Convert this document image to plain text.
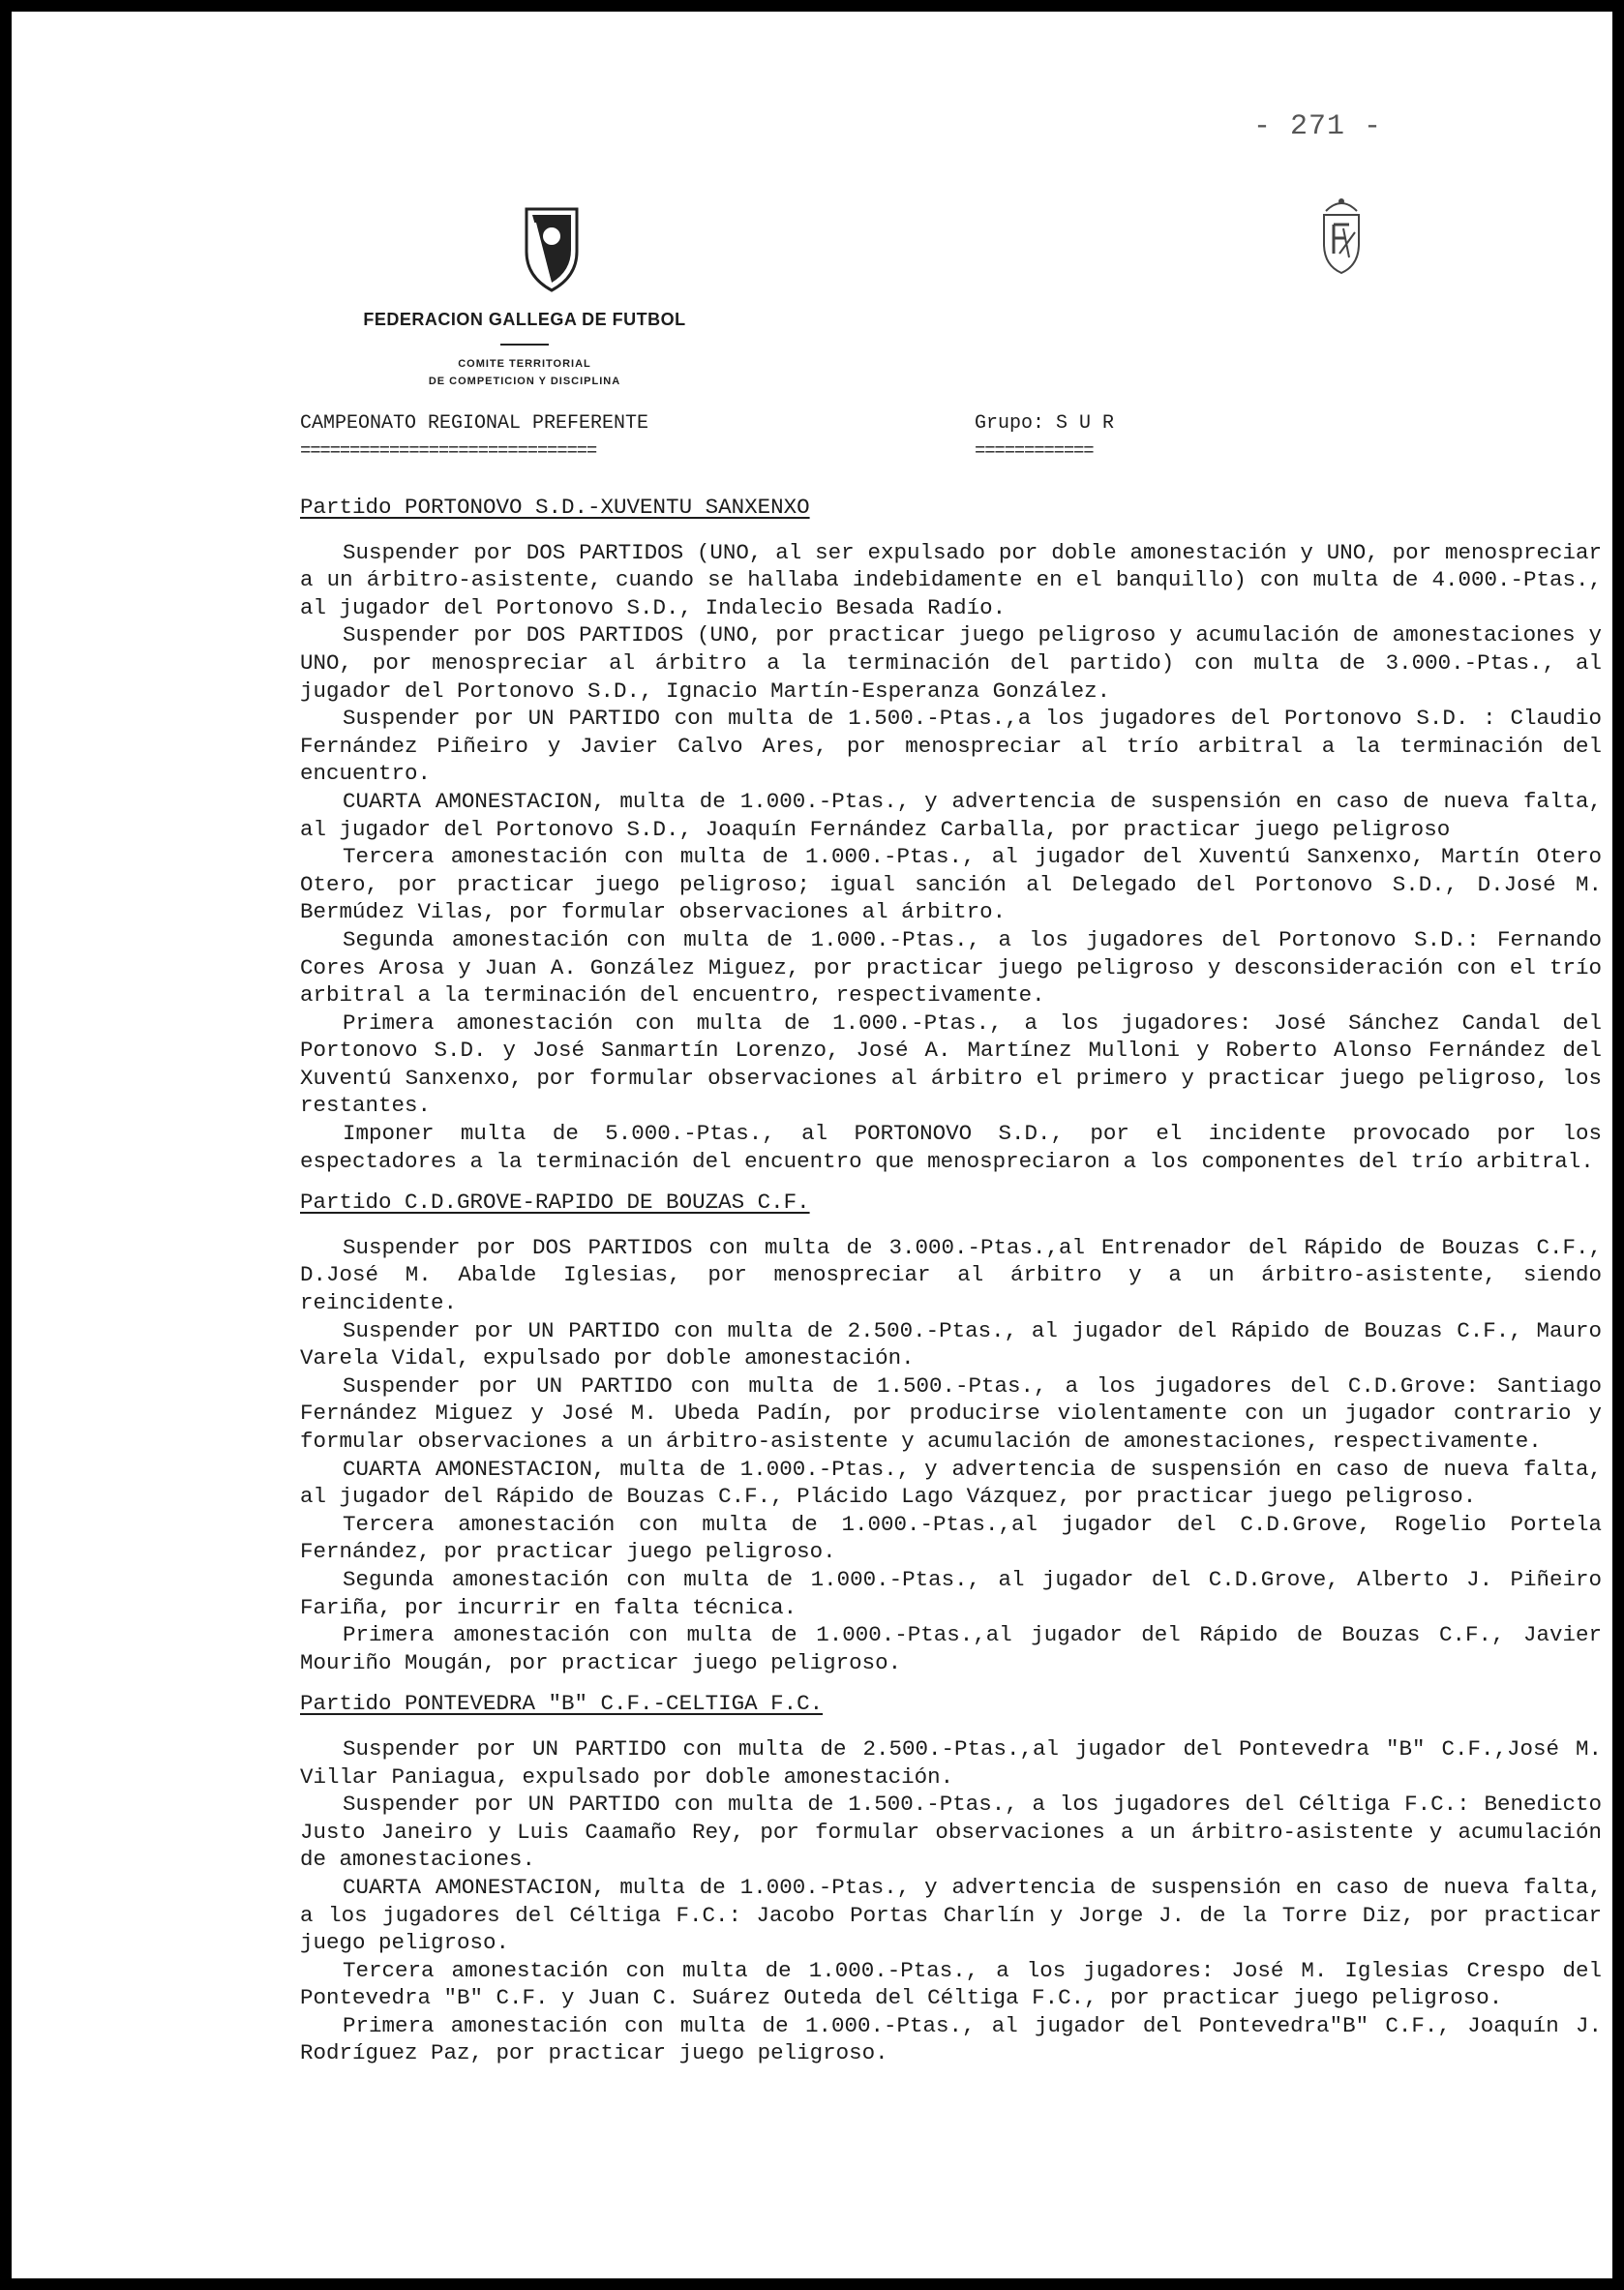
- 271 -
FEDERACION GALLEGA DE FUTBOL
COMITE TERRITORIAL
DE COMPETICION Y DISCIPLINA
CAMPEONATO REGIONAL PREFERENTE
==============================
Grupo: S U R
============
Partido PORTONOVO S.D.-XUVENTU SANXENXO

Suspender por DOS PARTIDOS (UNO, al ser expulsado por doble amonestación y UNO, por menospreciar a un árbitro-asistente, cuando se hallaba indebidamente en el banquillo) con multa de 4.000.-Ptas., al jugador del Portonovo S.D., Indalecio Besada Radío.

Suspender por DOS PARTIDOS (UNO, por practicar juego peligroso y acumulación de amonestaciones y UNO, por menospreciar al árbitro a la terminación del partido) con multa de 3.000.-Ptas., al jugador del Portonovo S.D., Ignacio Martín-Esperanza González.

Suspender por UN PARTIDO con multa de 1.500.-Ptas.,a los jugadores del Portonovo S.D. : Claudio Fernández Piñeiro y Javier Calvo Ares, por menospreciar al trío arbitral a la terminación del encuentro.

CUARTA AMONESTACION, multa de 1.000.-Ptas., y advertencia de suspensión en caso de nueva falta, al jugador del Portonovo S.D., Joaquín Fernández Carballa, por practicar juego peligroso

Tercera amonestación con multa de 1.000.-Ptas., al jugador del Xuventú Sanxenxo, Martín Otero Otero, por practicar juego peligroso; igual sanción al Delegado del Portonovo S.D., D.José M. Bermúdez Vilas, por formular observaciones al árbitro.

Segunda amonestación con multa de 1.000.-Ptas., a los jugadores del Portonovo S.D.: Fernando Cores Arosa y Juan A. González Miguez, por practicar juego peligroso y desconsideración con el trío arbitral a la terminación del encuentro, respectivamente.

Primera amonestación con multa de 1.000.-Ptas., a los jugadores: José Sánchez Candal del Portonovo S.D. y José Sanmartín Lorenzo, José A. Martínez Mulloni y Roberto Alonso Fernández del Xuventú Sanxenxo, por formular observaciones al árbitro el primero y practicar juego peligroso, los restantes.

Imponer multa de 5.000.-Ptas., al PORTONOVO S.D., por el incidente provocado por los espectadores a la terminación del encuentro que menospreciaron a los componentes del trío arbitral.

Partido C.D.GROVE-RAPIDO DE BOUZAS C.F.

Suspender por DOS PARTIDOS con multa de 3.000.-Ptas.,al Entrenador del Rápido de Bouzas C.F., D.José M. Abalde Iglesias, por menospreciar al árbitro y a un árbitro-asistente, siendo reincidente.

Suspender por UN PARTIDO con multa de 2.500.-Ptas., al jugador del Rápido de Bouzas C.F., Mauro Varela Vidal, expulsado por doble amonestación.

Suspender por UN PARTIDO con multa de 1.500.-Ptas., a los jugadores del C.D.Grove: Santiago Fernández Miguez y José M. Ubeda Padín, por producirse violentamente con un jugador contrario y formular observaciones a un árbitro-asistente y acumulación de amonestaciones, respectivamente.

CUARTA AMONESTACION, multa de 1.000.-Ptas., y advertencia de suspensión en caso de nueva falta, al jugador del Rápido de Bouzas C.F., Plácido Lago Vázquez, por practicar juego peligroso.

Tercera amonestación con multa de 1.000.-Ptas.,al jugador del C.D.Grove, Rogelio Portela Fernández, por practicar juego peligroso.

Segunda amonestación con multa de 1.000.-Ptas., al jugador del C.D.Grove, Alberto J. Piñeiro Fariña, por incurrir en falta técnica.

Primera amonestación con multa de 1.000.-Ptas.,al jugador del Rápido de Bouzas C.F., Javier Mouriño Mougán, por practicar juego peligroso.

Partido PONTEVEDRA "B" C.F.-CELTIGA F.C.

Suspender por UN PARTIDO con multa de 2.500.-Ptas.,al jugador del Pontevedra "B" C.F.,José M. Villar Paniagua, expulsado por doble amonestación.

Suspender por UN PARTIDO con multa de 1.500.-Ptas., a los jugadores del Céltiga F.C.: Benedicto Justo Janeiro y Luis Caamaño Rey, por formular observaciones a un árbitro-asistente y acumulación de amonestaciones.

CUARTA AMONESTACION, multa de 1.000.-Ptas., y advertencia de suspensión en caso de nueva falta, a los jugadores del Céltiga F.C.: Jacobo Portas Charlín y Jorge J. de la Torre Diz, por practicar juego peligroso.

Tercera amonestación con multa de 1.000.-Ptas., a los jugadores: José M. Iglesias Crespo del Pontevedra "B" C.F. y Juan C. Suárez Outeda del Céltiga F.C., por practicar juego peligroso.

Primera amonestación con multa de 1.000.-Ptas., al jugador del Pontevedra"B" C.F., Joaquín J. Rodríguez Paz, por practicar juego peligroso.
